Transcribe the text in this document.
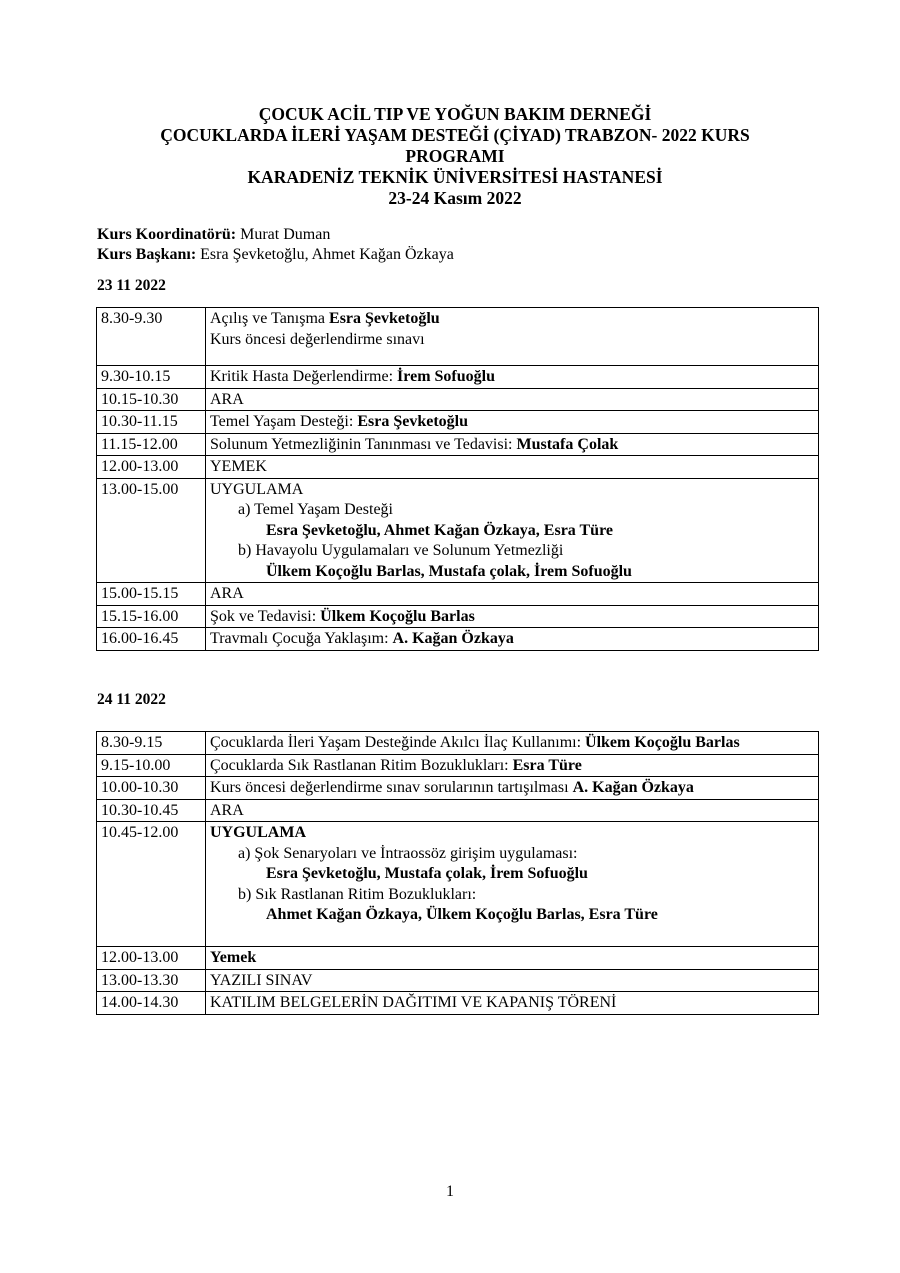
ÇOCUK ACİL TIP VE YOĞUN BAKIM DERNEĞİ
ÇOCUKLARDA İLERİ YAŞAM DESTEĞİ (ÇİYAD) TRABZON- 2022 KURS
PROGRAMI
KARADENİZ TEKNİK ÜNİVERSİTESİ HASTANESİ
23-24 Kasım 2022
Kurs Koordinatörü: Murat Duman
Kurs Başkanı: Esra Şevketoğlu, Ahmet Kağan Özkaya
23 11 2022
8.30-9.30	Açılış ve Tanışma Esra Şevketoğlu
Kurs öncesi değerlendirme sınavı
9.30-10.15	Kritik Hasta Değerlendirme: İrem Sofuoğlu
10.15-10.30	ARA
10.30-11.15	Temel Yaşam Desteği: Esra Şevketoğlu
11.15-12.00	Solunum Yetmezliğinin Tanınması ve Tedavisi: Mustafa Çolak
12.00-13.00	YEMEK
13.00-15.00	UYGULAMA
a) Temel Yaşam Desteği
Esra Şevketoğlu, Ahmet Kağan Özkaya, Esra Türe
b) Havayolu Uygulamaları ve Solunum Yetmezliği
Ülkem Koçoğlu Barlas, Mustafa çolak, İrem Sofuoğlu

15.00-15.15	ARA
15.15-16.00	Şok ve Tedavisi: Ülkem Koçoğlu Barlas
16.00-16.45	Travmalı Çocuğa Yaklaşım: A. Kağan Özkaya
24 11 2022
8.30-9.15	Çocuklarda İleri Yaşam Desteğinde Akılcı İlaç Kullanımı: Ülkem Koçoğlu Barlas
9.15-10.00	Çocuklarda Sık Rastlanan Ritim Bozuklukları: Esra Türe
10.00-10.30	Kurs öncesi değerlendirme sınav sorularının tartışılması A. Kağan Özkaya
10.30-10.45	ARA
10.45-12.00	UYGULAMA
a) Şok Senaryoları ve İntraossöz girişim uygulaması:
Esra Şevketoğlu, Mustafa çolak, İrem Sofuoğlu
b) Sık Rastlanan Ritim Bozuklukları:
Ahmet Kağan Özkaya, Ülkem Koçoğlu Barlas, Esra Türe

12.00-13.00	Yemek
13.00-13.30	YAZILI SINAV
14.00-14.30	KATILIM BELGELERİN DAĞITIMI VE KAPANIŞ TÖRENİ
1
